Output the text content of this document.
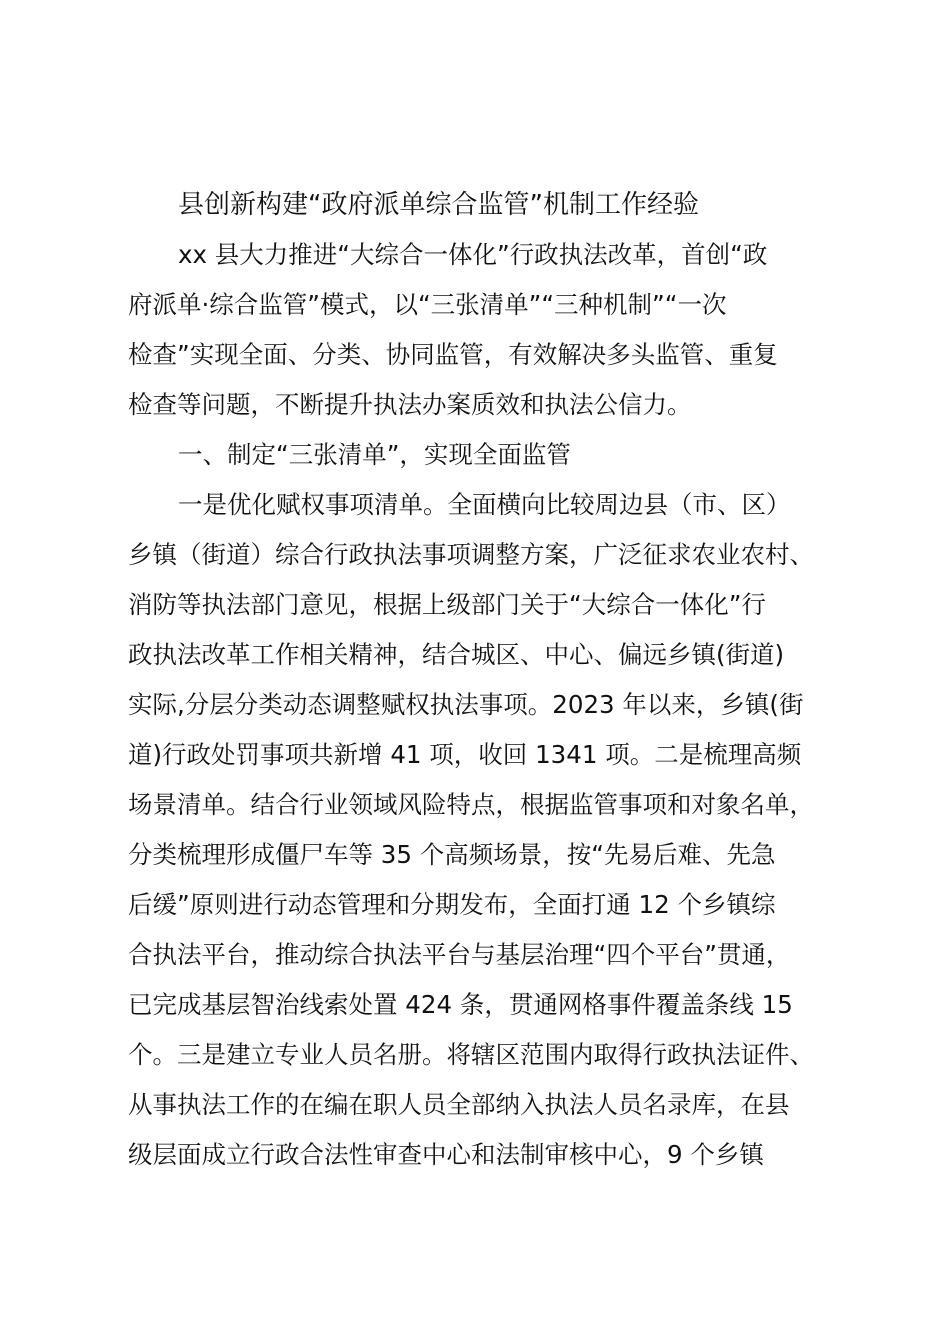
县创新构建“政府派单综合监管”机制工作经验

xx 县大力推进“大综合一体化”行政执法改革，首创“政

府派单·综合监管”模式，以“三张清单”“三种机制”“一次

检查”实现全面、分类、协同监管，有效解决多头监管、重复

检查等问题，不断提升执法办案质效和执法公信力。

一、制定“三张清单”，实现全面监管

一是优化赋权事项清单。全面横向比较周边县（市、区）

乡镇（街道）综合行政执法事项调整方案，广泛征求农业农村、

消防等执法部门意见，根据上级部门关于“大综合一体化”行

政执法改革工作相关精神，结合城区、中心、偏远乡镇(街道)

实际,分层分类动态调整赋权执法事项。2023 年以来，乡镇(街

道)行政处罚事项共新增 41 项，收回 1341 项。二是梳理高频

场景清单。结合行业领域风险特点，根据监管事项和对象名单，

分类梳理形成僵尸车等 35 个高频场景，按“先易后难、先急

后缓”原则进行动态管理和分期发布，全面打通 12 个乡镇综

合执法平台，推动综合执法平台与基层治理“四个平台”贯通，

已完成基层智治线索处置 424 条，贯通网格事件覆盖条线 15

个。三是建立专业人员名册。将辖区范围内取得行政执法证件、

从事执法工作的在编在职人员全部纳入执法人员名录库，在县

级层面成立行政合法性审查中心和法制审核中心，9 个乡镇
